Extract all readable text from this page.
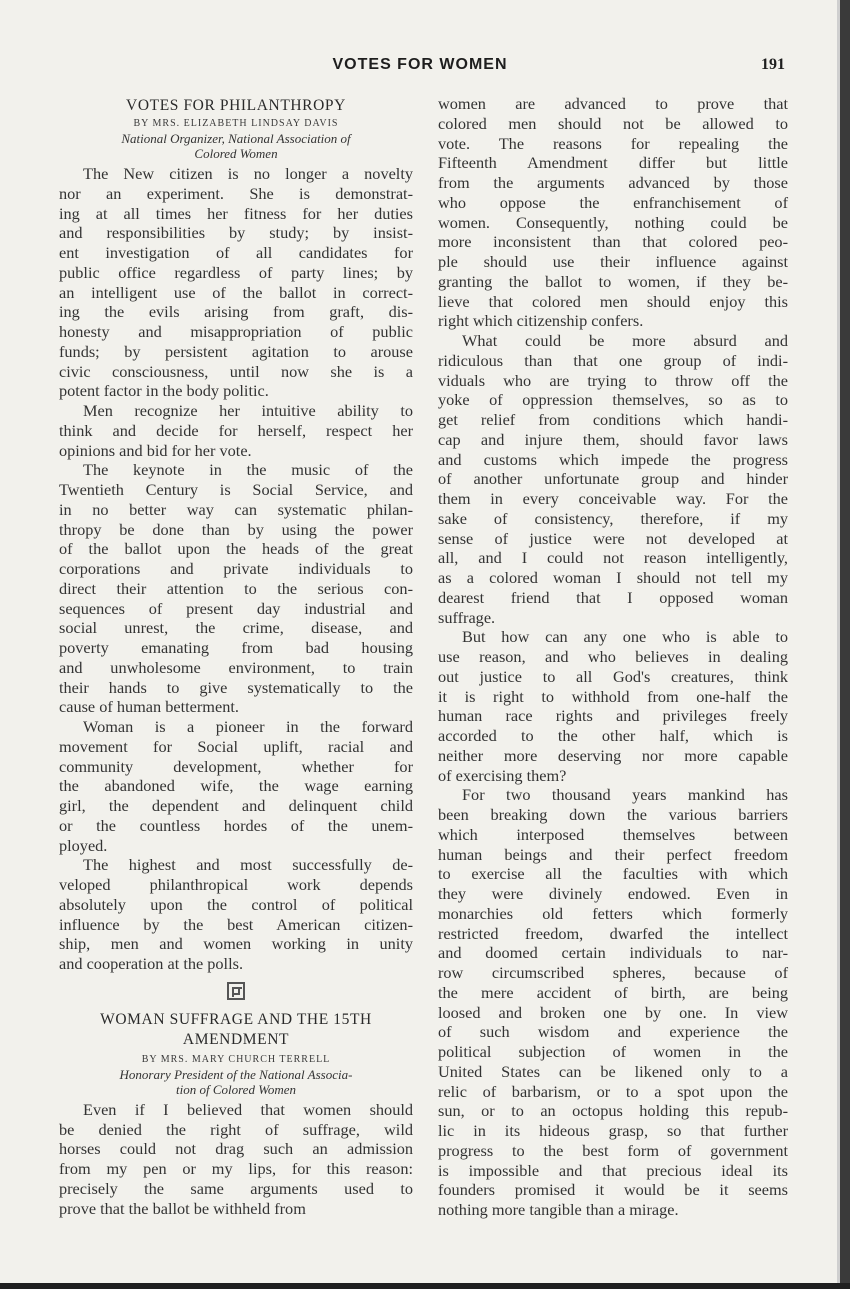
VOTES FOR WOMEN	191
VOTES FOR PHILANTHROPY
BY MRS. ELIZABETH LINDSAY DAVIS
National Organizer, National Association of
Colored Women
The New citizen is no longer a novelty
nor an experiment. She is demonstrat-
ing at all times her fitness for her duties
and responsibilities by study; by insist-
ent investigation of all candidates for
public office regardless of party lines; by
an intelligent use of the ballot in correct-
ing the evils arising from graft, dis-
honesty and misappropriation of public
funds; by persistent agitation to arouse
civic consciousness, until now she is a
potent factor in the body politic.
Men recognize her intuitive ability to
think and decide for herself, respect her
opinions and bid for her vote.
The keynote in the music of the
Twentieth Century is Social Service, and
in no better way can systematic philan-
thropy be done than by using the power
of the ballot upon the heads of the great
corporations and private individuals to
direct their attention to the serious con-
sequences of present day industrial and
social unrest, the crime, disease, and
poverty emanating from bad housing
and unwholesome environment, to train
their hands to give systematically to the
cause of human betterment.
Woman is a pioneer in the forward
movement for Social uplift, racial and
community development, whether for
the abandoned wife, the wage earning
girl, the dependent and delinquent child
or the countless hordes of the unem-
ployed.
The highest and most successfully de-
veloped philanthropical work depends
absolutely upon the control of political
influence by the best American citizen-
ship, men and women working in unity
and cooperation at the polls.
WOMAN SUFFRAGE AND THE 15TH
AMENDMENT
BY MRS. MARY CHURCH TERRELL
Honorary President of the National Associa-
tion of Colored Women
Even if I believed that women should
be denied the right of suffrage, wild
horses could not drag such an admission
from my pen or my lips, for this reason:
precisely the same arguments used to
prove that the ballot be withheld from
women are advanced to prove that
colored men should not be allowed to
vote. The reasons for repealing the
Fifteenth Amendment differ but little
from the arguments advanced by those
who oppose the enfranchisement of
women. Consequently, nothing could be
more inconsistent than that colored peo-
ple should use their influence against
granting the ballot to women, if they be-
lieve that colored men should enjoy this
right which citizenship confers.
What could be more absurd and
ridiculous than that one group of indi-
viduals who are trying to throw off the
yoke of oppression themselves, so as to
get relief from conditions which handi-
cap and injure them, should favor laws
and customs which impede the progress
of another unfortunate group and hinder
them in every conceivable way. For the
sake of consistency, therefore, if my
sense of justice were not developed at
all, and I could not reason intelligently,
as a colored woman I should not tell my
dearest friend that I opposed woman
suffrage.
But how can any one who is able to
use reason, and who believes in dealing
out justice to all God's creatures, think
it is right to withhold from one-half the
human race rights and privileges freely
accorded to the other half, which is
neither more deserving nor more capable
of exercising them?
For two thousand years mankind has
been breaking down the various barriers
which interposed themselves between
human beings and their perfect freedom
to exercise all the faculties with which
they were divinely endowed. Even in
monarchies old fetters which formerly
restricted freedom, dwarfed the intellect
and doomed certain individuals to nar-
row circumscribed spheres, because of
the mere accident of birth, are being
loosed and broken one by one. In view
of such wisdom and experience the
political subjection of women in the
United States can be likened only to a
relic of barbarism, or to a spot upon the
sun, or to an octopus holding this repub-
lic in its hideous grasp, so that further
progress to the best form of government
is impossible and that precious ideal its
founders promised it would be it seems
nothing more tangible than a mirage.
